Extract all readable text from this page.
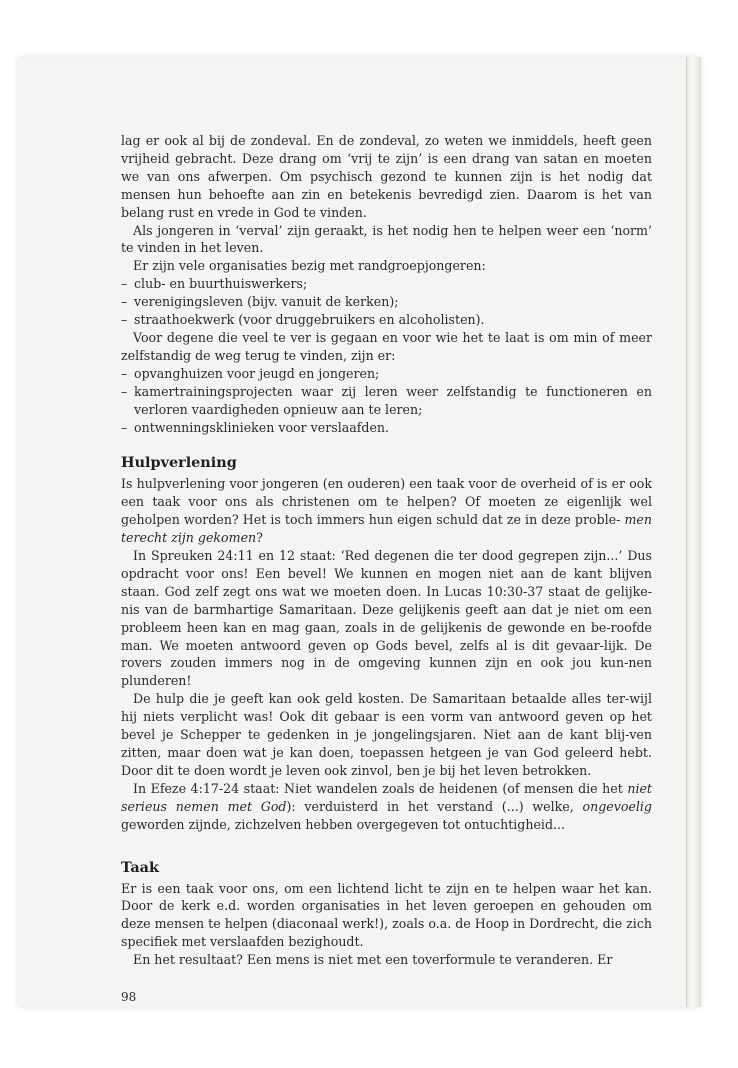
lag er ook al bij de zondeval. En de zondeval, zo weten we inmiddels, heeft geen vrijheid gebracht. Deze drang om ‘vrij te zijn’ is een drang van satan en moeten we van ons afwerpen. Om psychisch gezond te kunnen zijn is het nodig dat mensen hun behoefte aan zin en betekenis bevredigd zien. Daarom is het van belang rust en vrede in God te vinden.

Als jongeren in ‘verval’ zijn geraakt, is het nodig hen te helpen weer een ‘norm’ te vinden in het leven.

Er zijn vele organisaties bezig met randgroepjongeren:

– club- en buurthuiswerkers;
– verenigingsleven (bijv. vanuit de kerken);
– straathoekwerk (voor druggebruikers en alcoholisten).

Voor degene die veel te ver is gegaan en voor wie het te laat is om min of meer zelfstandig de weg terug te vinden, zijn er:

– opvanghuizen voor jeugd en jongeren;
– kamertrainingsprojecten waar zij leren weer zelfstandig te functioneren en verloren vaardigheden opnieuw aan te leren;
– ontwenningsklinieken voor verslaafden.
Hulpverlening

Is hulpverlening voor jongeren (en ouderen) een taak voor de overheid of is er ook een taak voor ons als christenen om te helpen? Of moeten ze eigenlijk wel geholpen worden? Het is toch immers hun eigen schuld dat ze in deze proble- men terecht zijn gekomen?

In Spreuken 24:11 en 12 staat: ‘Red degenen die ter dood gegrepen zijn...’ Dus opdracht voor ons! Een bevel! We kunnen en mogen niet aan de kant blijven staan. God zelf zegt ons wat we moeten doen. In Lucas 10:30-37 staat de gelijke-nis van de barmhartige Samaritaan. Deze gelijkenis geeft aan dat je niet om een probleem heen kan en mag gaan, zoals in de gelijkenis de gewonde en be-roofde man. We moeten antwoord geven op Gods bevel, zelfs al is dit gevaar-lijk. De rovers zouden immers nog in de omgeving kunnen zijn en ook jou kun-nen plunderen!

De hulp die je geeft kan ook geld kosten. De Samaritaan betaalde alles ter-wijl hij niets verplicht was! Ook dit gebaar is een vorm van antwoord geven op het bevel je Schepper te gedenken in je jongelingsjaren. Niet aan de kant blij-ven zitten, maar doen wat je kan doen, toepassen hetgeen je van God geleerd hebt. Door dit te doen wordt je leven ook zinvol, ben je bij het leven betrokken.

In Efeze 4:17-24 staat: Niet wandelen zoals de heidenen (of mensen die het niet serieus nemen met God): verduisterd in het verstand (...) welke, ongevoelig geworden zijnde, zichzelven hebben overgegeven tot ontuchtigheid...

Taak

Er is een taak voor ons, om een lichtend licht te zijn en te helpen waar het kan. Door de kerk e.d. worden organisaties in het leven geroepen en gehouden om deze mensen te helpen (diaconaal werk!), zoals o.a. de Hoop in Dordrecht, die zich specifiek met verslaafden bezighoudt.

En het resultaat? Een mens is niet met een toverformule te veranderen. Er

98
